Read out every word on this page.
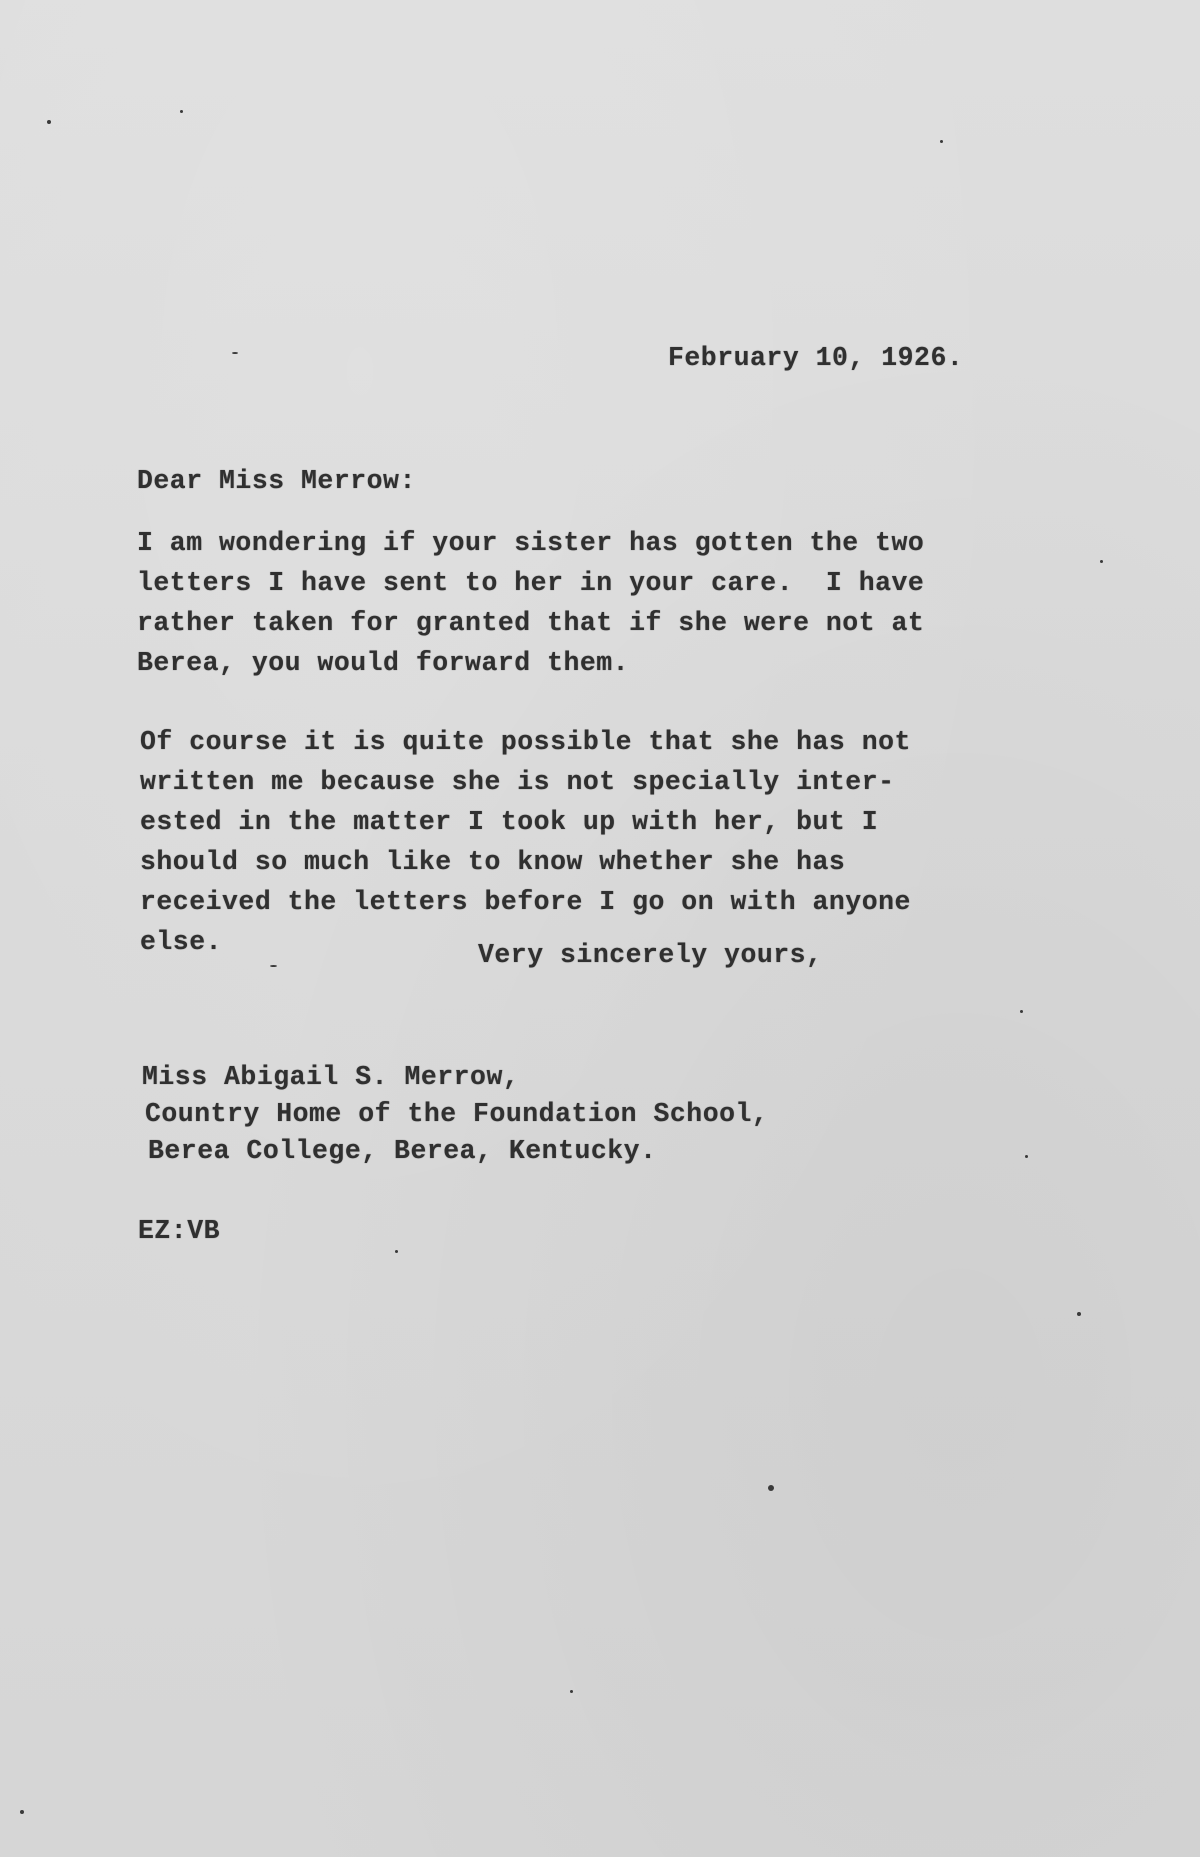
February 10, 1926.

Dear Miss Merrow:

I am wondering if your sister has gotten the two

letters I have sent to her in your care.  I have

rather taken for granted that if she were not at

Berea, you would forward them.

Of course it is quite possible that she has not

written me because she is not specially inter-

ested in the matter I took up with her, but I

should so much like to know whether she has

received the letters before I go on with anyone

else.	Very sincerely yours,

Miss Abigail S. Merrow,

Country Home of the Foundation School,

Berea College, Berea, Kentucky.

EZ:VB
